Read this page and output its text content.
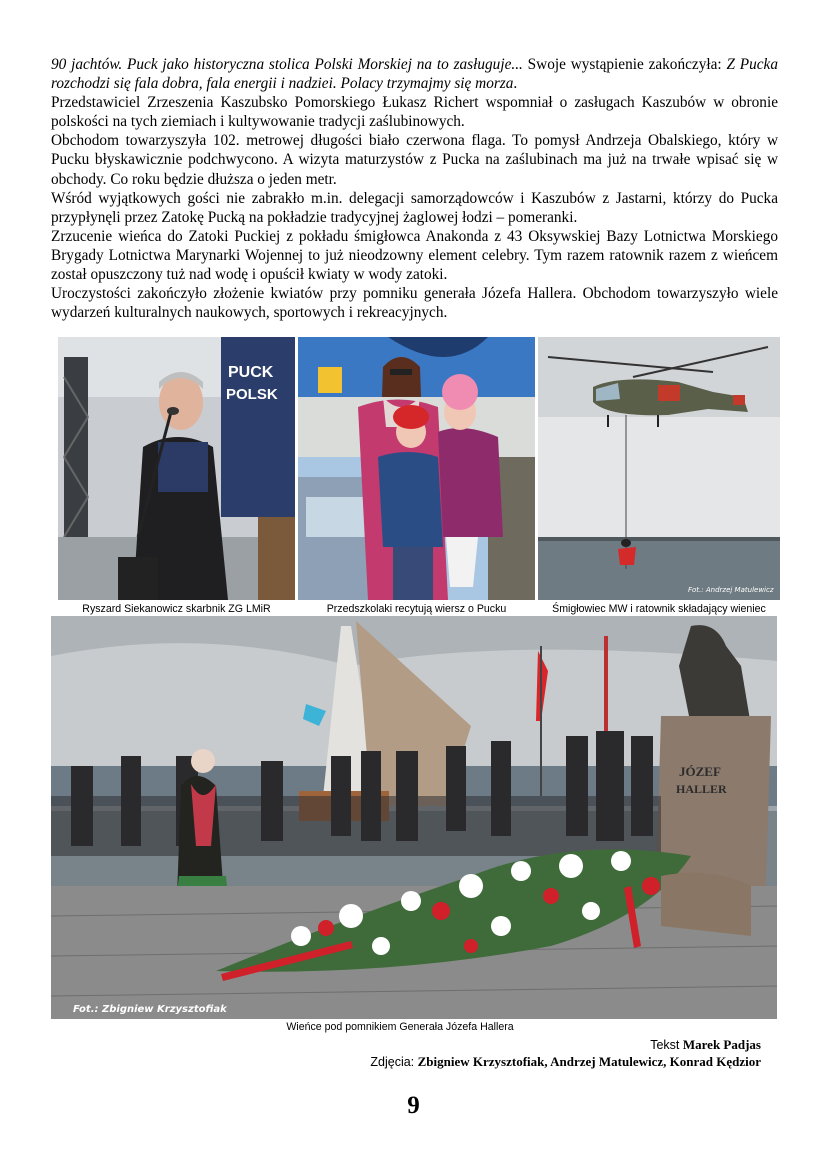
90 jachtów. Puck jako historyczna stolica Polski Morskiej na to zasługuje... Swoje wystąpienie zakończyła: Z Pucka rozchodzi się fala dobra, fala energii i nadziei. Polacy trzymajmy się morza.

Przedstawiciel Zrzeszenia Kaszubsko Pomorskiego Łukasz Richert wspomniał o zasługach Kaszubów w obronie polskości na tych ziemiach i kultywowanie tradycji zaślubinowych.

Obchodom towarzyszyła 102. metrowej długości biało czerwona flaga. To pomysł Andrzeja Obalskiego, który w Pucku błyskawicznie podchwycono. A wizyta maturzystów z Pucka na zaślubinach ma już na trwałe wpisać się w obchody. Co roku będzie dłuższa o jeden metr.

Wśród wyjątkowych gości nie zabrakło m.in. delegacji samorządowców i Kaszubów z Jastarni, którzy do Pucka przypłynęli przez Zatokę Pucką na pokładzie tradycyjnej żaglowej łodzi – pomeranki.

Zrzucenie wieńca do Zatoki Puckiej z pokładu śmigłowca Anakonda z 43 Oksywskiej Bazy Lotnictwa Morskiego Brygady Lotnictwa Marynarki Wojennej to już nieodzowny element celebry. Tym razem ratownik razem z wieńcem został opuszczony tuż nad wodę i opuścił kwiaty w wody zatoki.

Uroczystości zakończyło złożenie kwiatów przy pomniku generała Józefa Hallera. Obchodom towarzyszyło wiele wydarzeń kulturalnych naukowych, sportowych i rekreacyjnych.

PUCK
POLSK
Ryszard Siekanowicz skarbnik ZG LMiR	Przedszkolaki recytują wiersz o Pucku
Fot.: Andrzej Matulewicz
Śmigłowiec MW i ratownik składający wieniec
JÓZEF
HALLER
Fot.: Zbigniew Krzysztofiak
Wieńce pod pomnikiem Generała Józefa Hallera
Tekst Marek Padjas
Zdjęcia: Zbigniew Krzysztofiak, Andrzej Matulewicz, Konrad Kędzior
9
